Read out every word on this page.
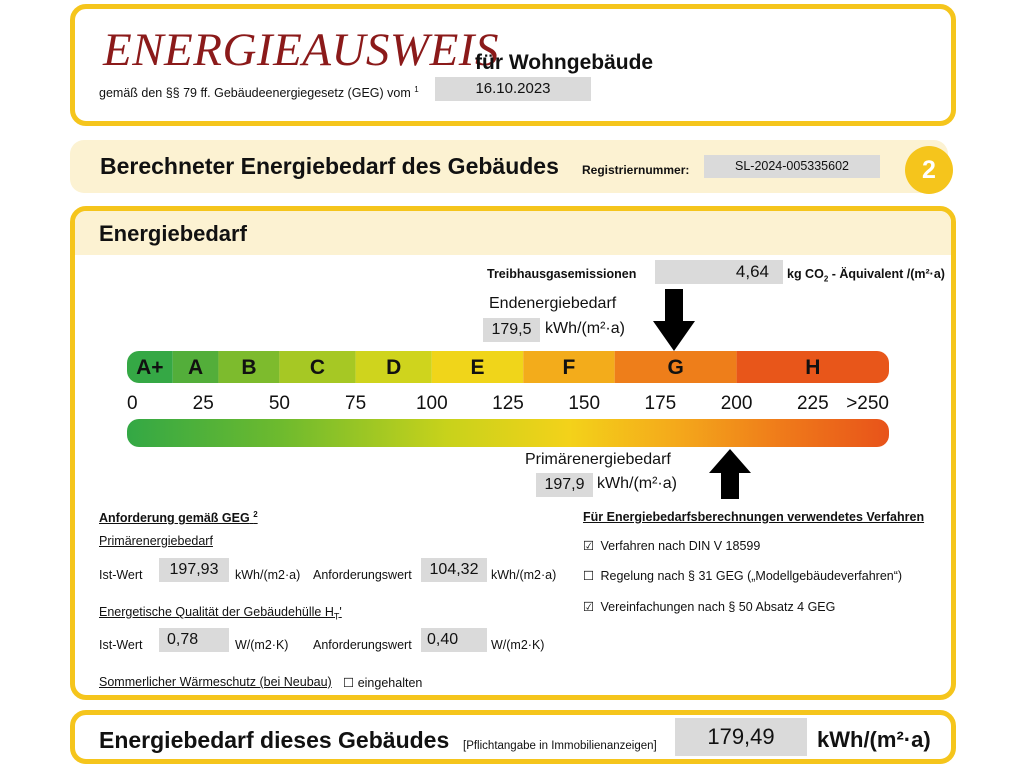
ENERGIEAUSWEIS
für Wohngebäude
gemäß den §§ 79 ff. Gebäudeenergiegesetz (GEG) vom $^1$	16.10.2023
Berechneter Energiebedarf des Gebäudes Registriernummer:	SL-2024-005335602	2
Energiebedarf
Treibhausgasemissionen	4,64	kg $CO_2$ - Äquivalent /(m²·a)
Endenergiebedarf
179,5 kWh/(m²·a)
A+ A B	C	D	E	F	G	H
0	25	50	75	100 125 150 175 200 225 >250
Primärenergiebedarf
197,9 kWh/(m²·a)
Anforderung gemäß GEG $^2$
Primärenergiebedarf
Ist-Wert	197,93	kWh/(m2·a) Anforderungswert	104,32	kWh/(m2·a)
Energetische Qualität der Gebäudehülle $H_T'$
Ist-Wert	0,78	W/(m2·K) Anforderungswert 0,40	W/(m2·K)
Sommerlicher Wärmeschutz (bei Neubau) ☐ eingehalten
Für Energiebedarfsberechnungen verwendetes Verfahren
☑ Verfahren nach DIN V 18599
☐ Regelung nach § 31 GEG („Modellgebäudeverfahren“)
☑ Vereinfachungen nach § 50 Absatz 4 GEG
Energiebedarf dieses Gebäudes [Pflichtangabe in Immobilienanzeigen]	179,49	kWh/(m²·a)
